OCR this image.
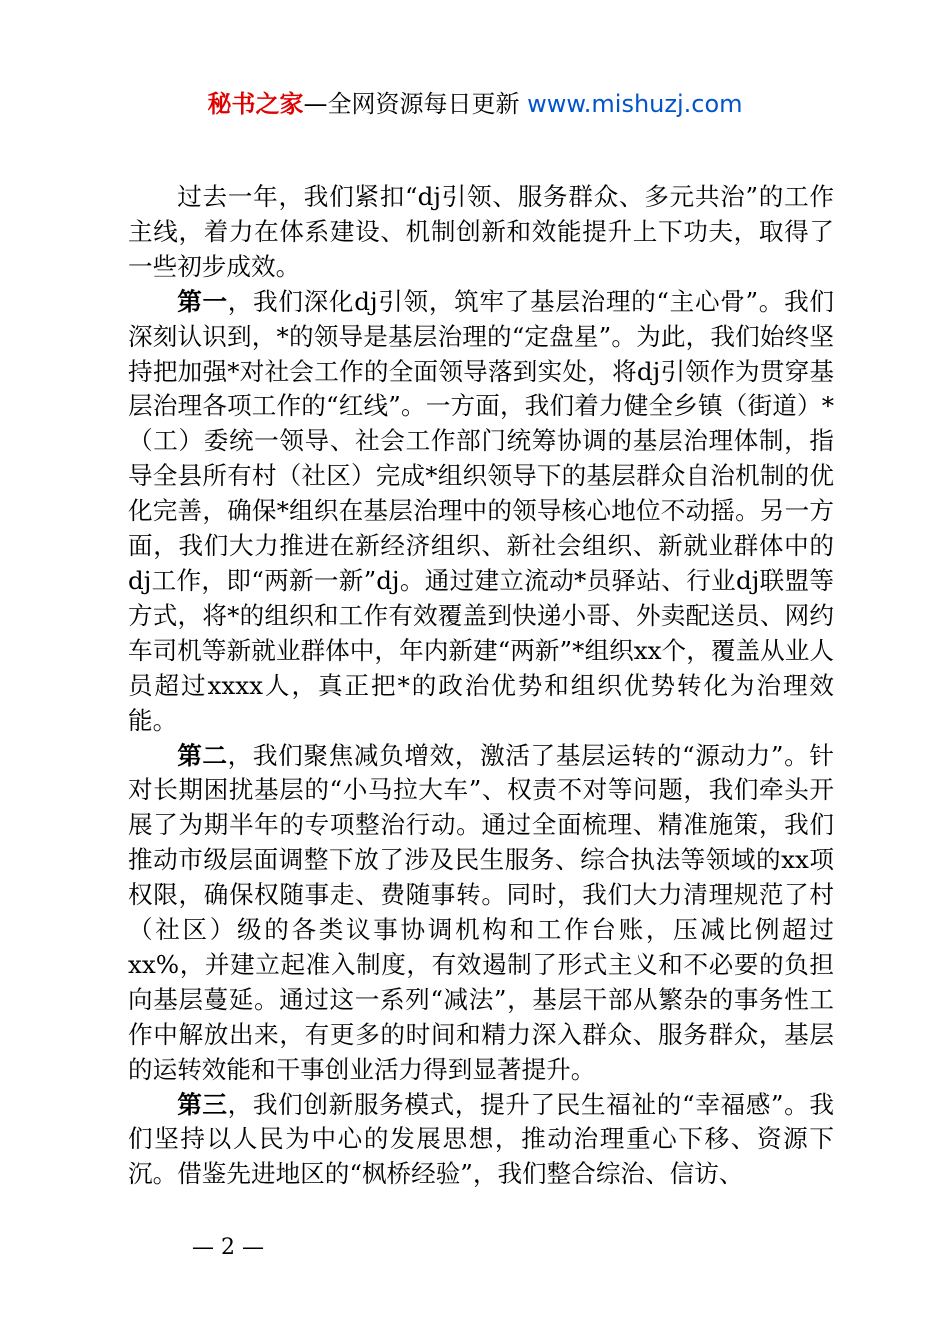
秘书之家—全网资源每日更新 www.mishuzj.com

过去一年，我们紧扣“dj引领、服务群众、多元共治”的工作主线，着力在体系建设、机制创新和效能提升上下功夫，取得了一些初步成效。

第一，我们深化dj引领，筑牢了基层治理的“主心骨”。我们深刻认识到，*的领导是基层治理的“定盘星”。为此，我们始终坚持把加强*对社会工作的全面领导落到实处，将dj引领作为贯穿基层治理各项工作的“红线”。一方面，我们着力健全乡镇（街道）*（工）委统一领导、社会工作部门统筹协调的基层治理体制，指导全县所有村（社区）完成*组织领导下的基层群众自治机制的优化完善，确保*组织在基层治理中的领导核心地位不动摇。另一方面，我们大力推进在新经济组织、新社会组织、新就业群体中的dj工作，即“两新一新”dj。通过建立流动*员驿站、行业dj联盟等方式，将*的组织和工作有效覆盖到快递小哥、外卖配送员、网约车司机等新就业群体中，年内新建“两新”*组织xx个，覆盖从业人员超过xxxx人，真正把*的政治优势和组织优势转化为治理效能。

第二，我们聚焦减负增效，激活了基层运转的“源动力”。针对长期困扰基层的“小马拉大车”、权责不对等问题，我们牵头开展了为期半年的专项整治行动。通过全面梳理、精准施策，我们推动市级层面调整下放了涉及民生服务、综合执法等领域的xx项权限，确保权随事走、费随事转。同时，我们大力清理规范了村（社区）级的各类议事协调机构和工作台账，压减比例超过xx%，并建立起准入制度，有效遏制了形式主义和不必要的负担向基层蔓延。通过这一系列“减法”，基层干部从繁杂的事务性工作中解放出来，有更多的时间和精力深入群众、服务群众，基层的运转效能和干事创业活力得到显著提升。

第三，我们创新服务模式，提升了民生福祉的“幸福感”。我们坚持以人民为中心的发展思想，推动治理重心下移、资源下沉。借鉴先进地区的“枫桥经验”，我们整合综治、信访、

— 2 —
